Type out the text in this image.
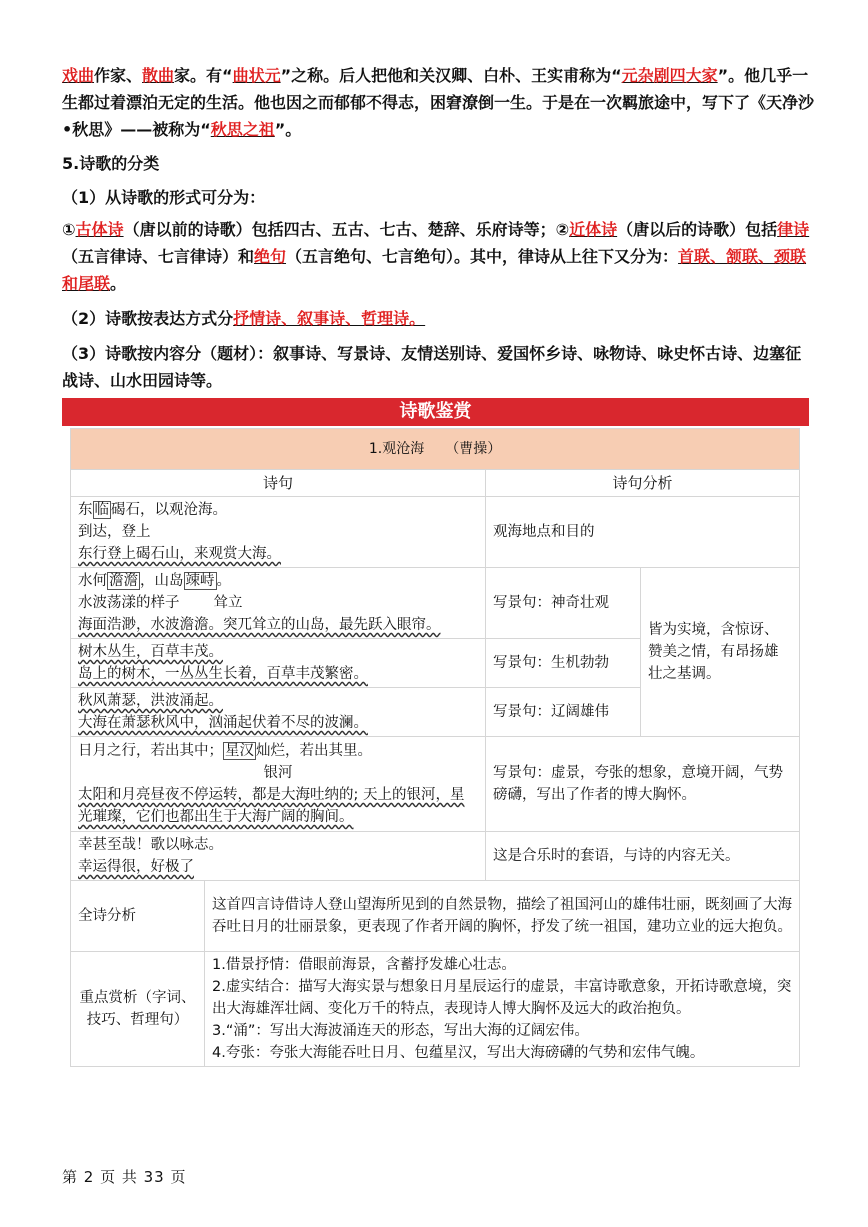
戏曲作家、散曲家。有“曲状元”之称。后人把他和关汉卿、白朴、王实甫称为“元杂剧四大家”。他几乎一生都过着漂泊无定的生活。他也因之而郁郁不得志，困窘潦倒一生。于是在一次羁旅途中，写下了《天净沙•秋思》——被称为“秋思之祖”。

5.诗歌的分类

（1）从诗歌的形式可分为：

①古体诗（唐以前的诗歌）包括四古、五古、七古、楚辞、乐府诗等；②近体诗（唐以后的诗歌）包括律诗（五言律诗、七言律诗）和绝句（五言绝句、七言绝句）。其中，律诗从上往下又分为：首联、颔联、颈联和尾联。

（2）诗歌按表达方式分抒情诗、叙事诗、哲理诗。

（3）诗歌按内容分（题材）：叙事诗、写景诗、友情送别诗、爱国怀乡诗、咏物诗、咏史怀古诗、边塞征战诗、山水田园诗等。

诗歌鉴赏
1.观沧海　　（曹操）			
诗句		诗句分析	

东 临 碣石，以观沧海。
到达，登上
东行登上碣石山，来观赏大海。		观海地点和目的	

水何 澹澹 ，山岛 竦峙 。
水波荡漾的样子 耸立
海面浩渺，水波澹澹。突兀耸立的山岛，最先跃入眼帘。		写景句：神奇壮观	皆为实境，含惊讶、赞美之情，有昂扬雄壮之基调。

树木丛生，百草丰茂。
岛上的树木，一丛丛生长着，百草丰茂繁密。		写景句：生机勃勃	

秋风萧瑟，洪波涌起。
大海在萧瑟秋风中，汹涌起伏着不尽的波澜。		写景句：辽阔雄伟	

日月之行，若出其中； 星汉 灿烂，若出其里。
银河
太阳和月亮昼夜不停运转，都是大海吐纳的; 天上的银河，星光璀璨，它们也都出生于大海广阔的胸间。		写景句：虚景，夸张的想象，意境开阔，气势磅礴，写出了作者的博大胸怀。	

幸甚至哉！歌以咏志。
幸运得很，好极了		这是合乐时的套语，与诗的内容无关。	
全诗分析	这首四言诗借诗人登山望海所见到的自然景物，描绘了祖国河山的雄伟壮丽，既刻画了大海吞吐日月的壮丽景象，更表现了作者开阔的胸怀，抒发了统一祖国，建功立业的远大抱负。		
重点赏析（字词、技巧、哲理句）	1.借景抒情：借眼前海景，含蓄抒发雄心壮志。
2.虚实结合：描写大海实景与想象日月星辰运行的虚景，丰富诗歌意象，开拓诗歌意境，突出大海雄浑壮阔、变化万千的特点，表现诗人博大胸怀及远大的政治抱负。
3.“涌”：写出大海波涌连天的形态，写出大海的辽阔宏伟。
4.夸张：夸张大海能吞吐日月、包蕴星汉，写出大海磅礴的气势和宏伟气魄。		
第 2 页 共 33 页
